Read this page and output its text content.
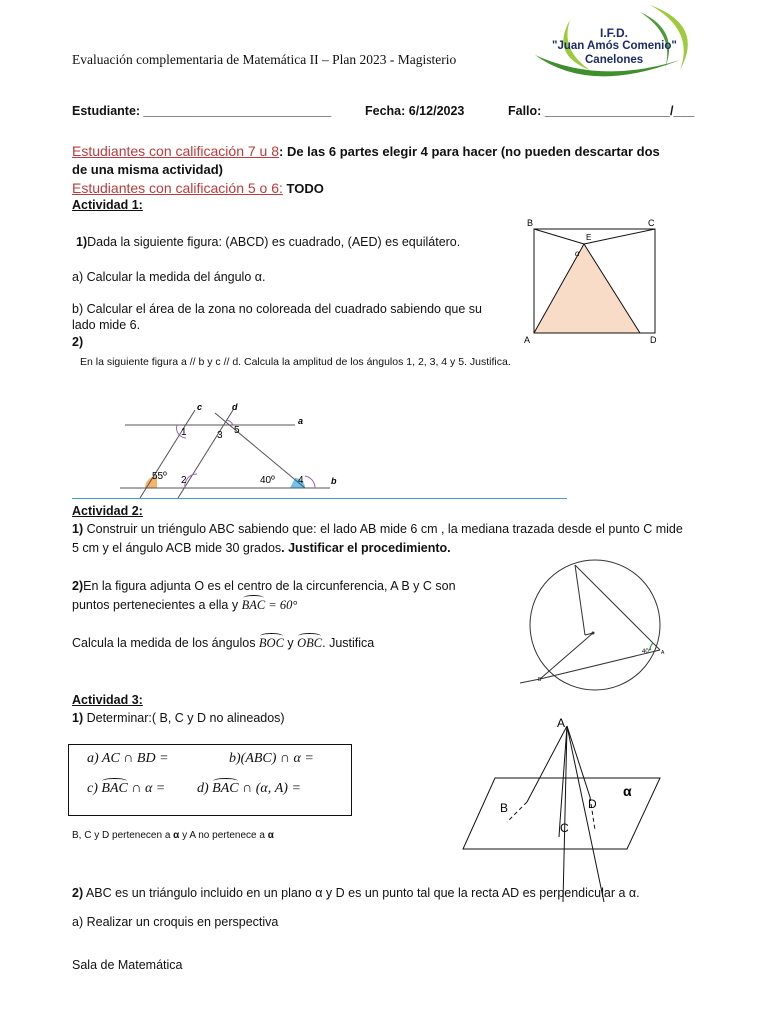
Evaluación complementaria de Matemática II – Plan 2023 - Magisterio
I.F.D.
"Juan Amós Comenio"
Canelones
Estudiante: ___________________________	Fecha: 6/12/2023	Fallo: __________________/___
Estudiantes con calificación 7 u 8: De las 6 partes elegir 4 para hacer (no pueden descartar dos
de una misma actividad)
Estudiantes con calificación 5 o 6: TODO
Actividad 1:
1)Dada la siguiente figura: (ABCD) es cuadrado, (AED) es equilátero.
a) Calcular la medida del ángulo α.
b) Calcular el área de la zona no coloreada del cuadrado sabiendo que su
lado mide 6.
2)
En la siguiente figura a // b y c // d. Calcula la amplitud de los ángulos 1, 2, 3, 4 y 5. Justifica.
B	C
E
α
A	D
c	d
a
b
1	3 5
55º 2	40º 4
Actividad 2:
1) Construir un triéngulo ABC sabiendo que: el lado AB mide 6 cm , la mediana trazada desde el punto C mide
5 cm y el ángulo ACB mide 30 grados. Justificar el procedimiento.
2)En la figura adjunta O es el centro de la circunferencia, A B y C son
puntos pertenecientes a ella y BAC = 60°
Calcula la medida de los ángulos BOC y OBC. Justifica
40° A
B
Actividad 3:
1) Determinar:( B, C y D no alineados)
a) AC ∩ BD =	b)(ABC) ∩ α =
c) BAC ∩ α = d) BAC ∩ (α, A) =
B, C y D pertenecen a α y A no pertenece a α
A
B
C
D
α
2) ABC es un triángulo incluido en un plano α y D es un punto tal que la recta AD es perpendicular a α.
a) Realizar un croquis en perspectiva
Sala de Matemática
